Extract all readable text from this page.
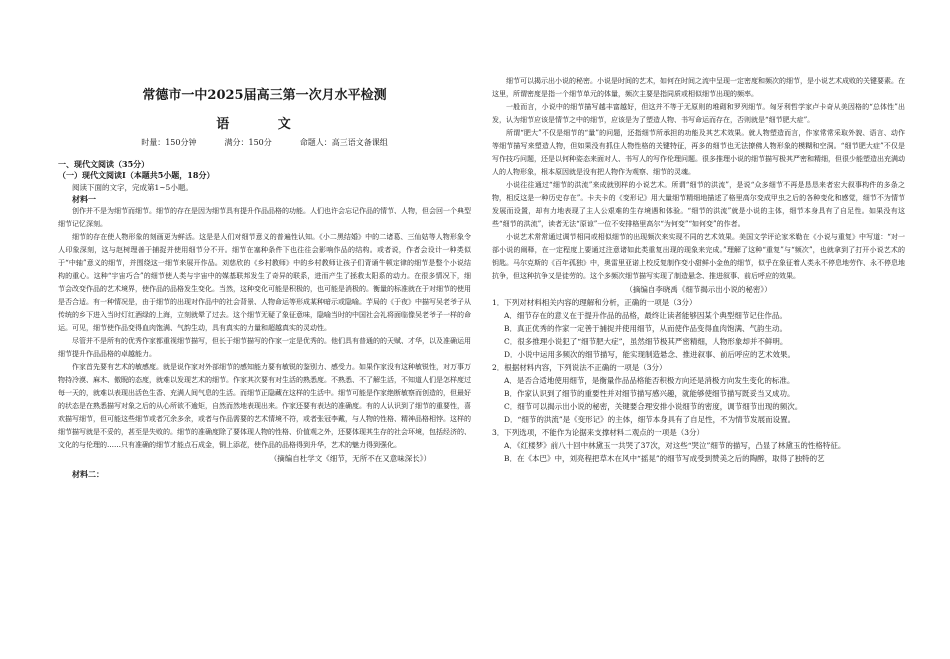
常德市一中2025届高三第一次月水平检测
语 文
时量：150分钟	满分：150分	命题人：高三语文备课组

一、现代文阅读（35分）

（一）现代文阅读Ⅰ（本题共5小题，18分）

阅读下面的文字，完成第1~5小题。

材料一

创作并不是为细节而细节。细节的存在是因为细节具有提升作品品格的功能。人们也许会忘记作品的情节、人物，但会回一个典型细节记忆深刻。

细节的存在使人物形象的刻画更为鲜活。这是是人们对细节意义的普遍性认知。《小二黑结婚》中的二诸葛、三仙姑等人物形象令人印象深刻，这与赵树理善于捕捉并使用细节分不开。细节在塞种条件下也往往会影响作品的结构。或者说，作者会设计一种类似于“中轴”意义的细节，并围绕这一细节来展开作品。刘慈欣的《乡村教师》中的乡村教师让孩子们背诵牛顿定律的细节是整个小说结构的重心。这种“宇宙巧合”的细节使人类与宇宙中的媒基联邦发生了奇异的联系，进而产生了拯救太阳系的动力。在很多情况下，细节会改变作品的艺术境界，使作品的品格发生变化。当然，这种变化可能是积极的，也可能是消极的。衡量的标准就在于对细节的使用是否合适。有一种情况是，由于细节的出现对作品中的社会背景、人物命运等形成某种暗示或隐喻。芋局的《于夜》中描写吴老爷子从传统的乡下进入当时灯红酒绿的上海，立刻就晕了过去。这个细节无疑了象征意味，隐喻当时的中国社会礼将面临像吴老爷子一样的命运。可见，细节使作品变得血肉饱满、气韵生动，具有真实的力量和超越真实的灵动性。

尽管并不是所有的优秀作家都重视细节描写，但长于细节描写的作家一定是优秀的。他们具有普通的的天赋、才华，以及准确运用细节提升作品品格的卓越能力。

作家首先要有艺术的敏感度。就是说作家对外部细节的感知能力要有敏锐的鉴别力、感受力。如果作家没有这种敏锐性，对万事万物持冷漠、麻木、傲睨的态度，就难以发现艺术的细节。作家其次要有对生活的熟悉度。不熟悉、不了解生活，不知道人们是怎样度过每一天的，就难以表现出活色生香、充满人间气息的生活。而细节正隐藏在这样的生活中。细节可能是作家绝断敏察而创造的，但最好的状态是在熟悉描写对象之后的从心所欲不逾矩，自然而然地表现出来。作家还要有表达的准确度。有的人认识到了细节的重要性，喜欢描写细节，但可能这些细节或者冗余多余，或者与作品需要的艺术情境不符，或者张冠李戴，与人物的性格、精神品格相悖。这样的细节描写就是不妥的，甚至是失败的。细节的准确度除了要体现人物的性格、价值观之外，还要体现其生存的社会环境，包括经济的、文化的与伦理的……只有准确的细节才能点石成金，铜上添花，使作品的品格得到升华，艺术的魅力得到强化。

（摘编自杜学文《细节，无所不在又意味深长》）

材料二：

细节可以揭示出小说的秘密。小说是时间的艺术，如何在时间之流中呈现一定密度和频次的细节，是小说艺术成败的关键要素。在这里，所谓密度是指一个细节单元的体量，频次主要是指同质或相似细节出现的频率。

一般而言，小说中的细节描写越丰富越好，但这并不等于无原则的堆砌和罗列细节。匈牙利哲学家卢卡奇从美因格的“总体性”出发，认为细节应该是情节之中的细节，应该是为了塑造人物、书写命运而存在，否则就是“细节肥大症”。

所谓“肥大”不仅是细节的“量”的问题，还指细节所承担的功能及其艺术效果。就人物塑造而言，作家常常采取外貌、语言、动作等细节描写来塑造人物，但如果没有抓住人物性格的关键特征，再多的细节也无法撩佛人物形象的模糊和空洞。“细节肥大症”不仅是写作技巧问题，还是以何种姿态来面对人、书写人的写作伦理问题。很多推理小说的细节描写极其严密和精细，但很少能塑造出充满动人的人物形象，根本原因就是没有把人物作为观察、细节的灵魂。

小说往往通过“细节的洪流”来成就别样的小说艺术。所谓“细节的洪流”，是说“众多细节不再是恳恳来者宏大叙事构件的多条之物，相反这是一种历史存在”。卡夫卡的《变形记》用大量细节精细地描述了格里高尔变成甲虫之后的各种变化和感觉，细节不为情节发展而设置，却有力地表现了主人公艰难的生存境遇和体验。“细节的洪流”就是小说的主体，细节本身具有了自足性。如果没有这些“细节的洪流”，读者无法“原谅”一位不安排格里高尔“为何变”“如何变”的作者。

小说艺术常常通过调节相同或相似细节的出现频次来实现不同的艺术效果。美国文学评论家米勒在《小说与重复》中写道：“对一部小说的阐释，在一定程度上要通过注意诸如此类重复出现的现象来完成。”理解了这种“重复”与“频次”，也就拿到了打开小说艺术的钥匙。马尔克斯的《百年孤独》中，奥雷里亚诺上校反复制作变小甜鲜小金鱼的细节，似乎在象征着人类永不停息地劳作、永不停息地抗争，但这种抗争又是徒劳的。这个多频次细节描写实现了制造悬念、推进叙事、前后呼应的效果。

（摘编自李晓禹《细节揭示出小说的秘密》）

1．下列对材料相关内容的理解和分析，正确的一项是（3分）

A．细节存在的意义在于提升作品的品格，最终让读者能够因某个典型细节记住作品。

B．真正优秀的作家一定善于捕捉并使用细节，从而使作品变得血肉饱满、气韵生动。

C．很多推理小说犯了“细节肥大症”，虽然细节极其严密精细，人物形象却并不鲜明。

D．小说中运用多频次的细节描写，能实现制造悬念、推进叙事、前后呼应的艺术效果。

2．根据材料内容，下列说法不正确的一项是（3分）

A．是否合适地使用细节，是衡量作品品格能否积极方向还是消极方向发生变化的标准。

B．作家认识到了细节的重要性并对细节描写感兴趣，就能够使细节描写既妥当又成功。

C．细节可以揭示出小说的秘密，关键要合理安排小说细节的密度，调节细节出现的频次。

D．“细节的洪流”是《变形记》的主体，细节本身具有了自足性，不为情节发展而设置。

3．下列选项，不能作为论据来支撑材料二观点的一项是（3分）

A．《红楼梦》前八十回中林黛玉一共哭了37次，对这些“哭泣”细节的描写，凸显了林黛玉的性格特征。

B．在《本巴》中，刘亮程把草木在风中“摇晃”的细节写成受到赞美之后的陶醉，取得了独特的艺
